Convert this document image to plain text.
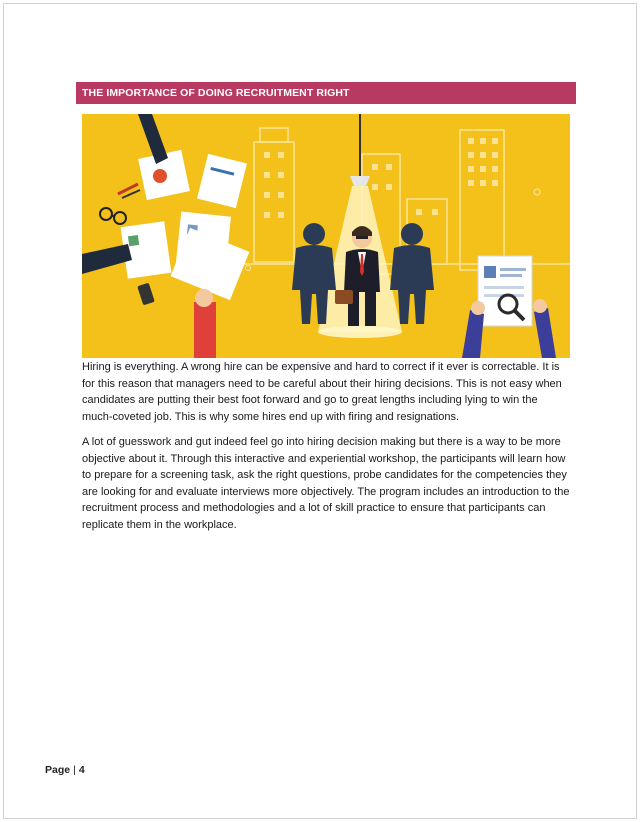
THE IMPORTANCE OF DOING RECRUITMENT RIGHT

Hiring is everything. A wrong hire can be expensive and hard to correct if it ever is correctable. It is for this reason that managers need to be careful about their hiring decisions. This is not easy when candidates are putting their best foot forward and go to great lengths including lying to win the much-coveted job. This is why some hires end up with firing and resignations.

A lot of guesswork and gut indeed feel go into hiring decision making but there is a way to be more objective about it. Through this interactive and experiential workshop, the participants will learn how to prepare for a screening task, ask the right questions, probe candidates for the competencies they are looking for and evaluate interviews more objectively. The program includes an introduction to the recruitment process and methodologies and a lot of skill practice to ensure that participants can replicate them in the workplace.

Page | 4
